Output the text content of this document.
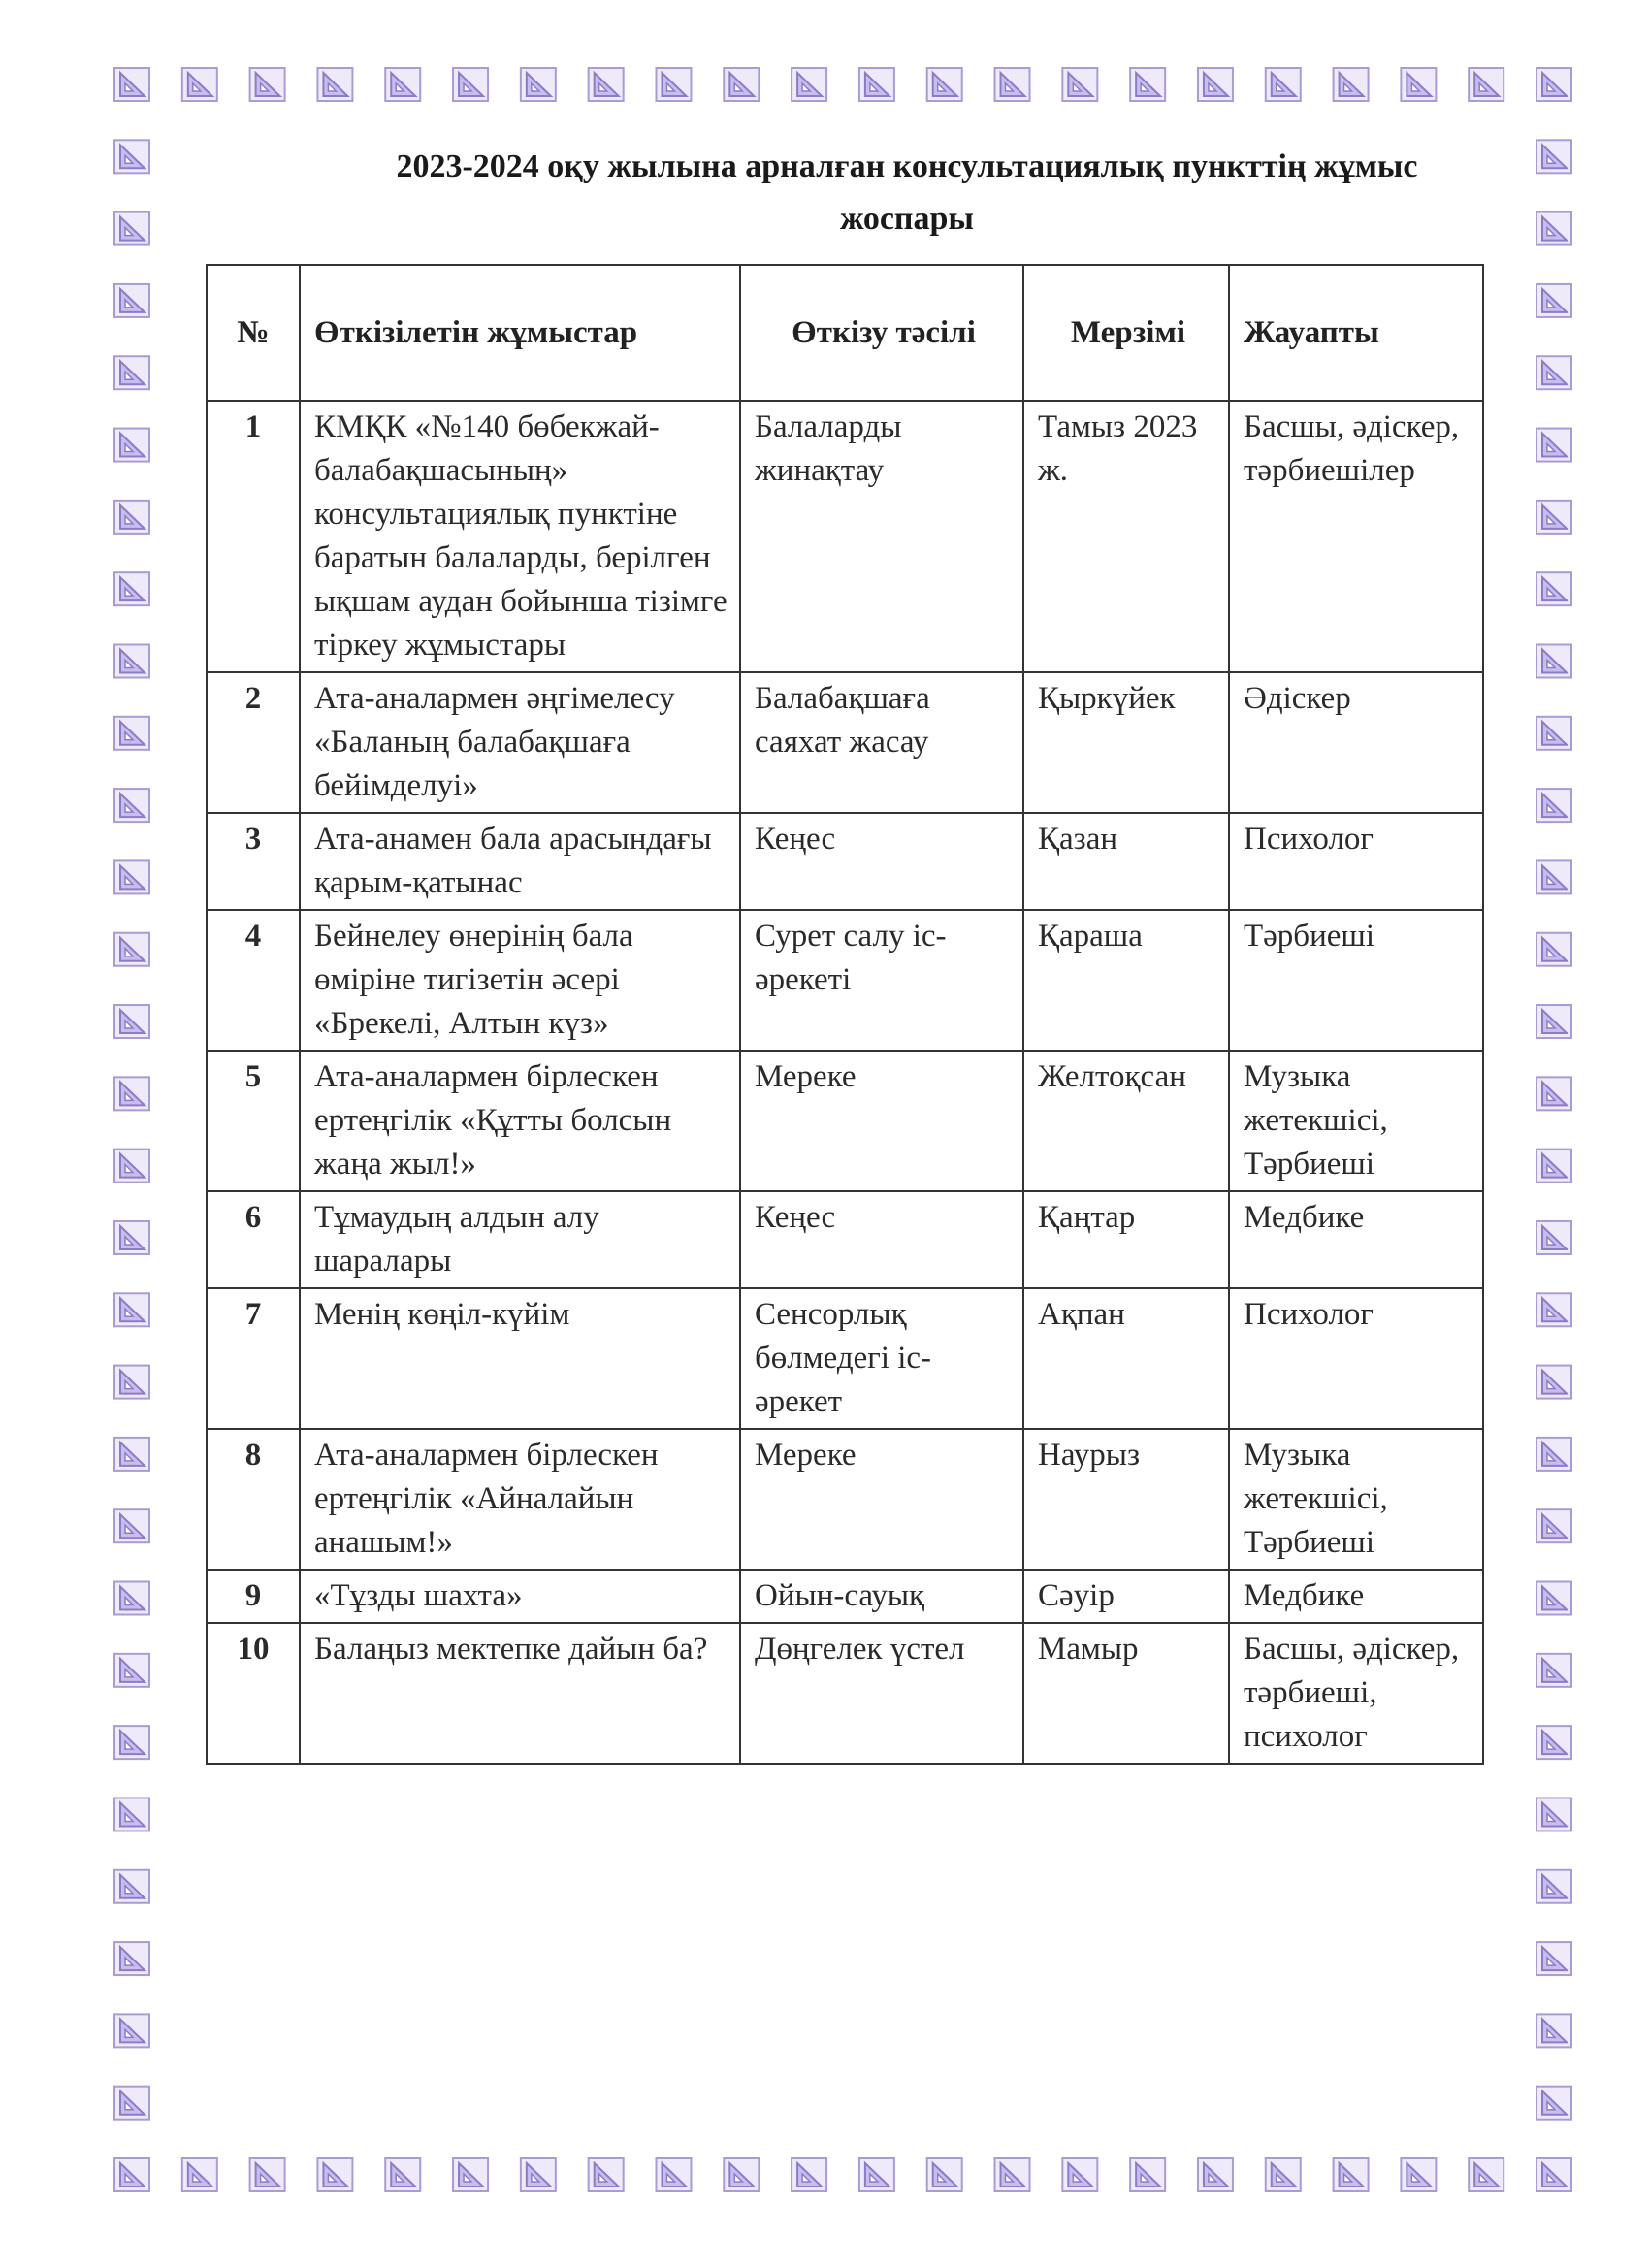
2023-2024 оқу жылына арналған консультациялық пункттің жұмыс
жоспары
№	Өткізілетін жұмыстар	Өткізу тәсілі	Мерзімі	Жауапты
1	КМҚК «№140 бөбекжай-балабақшасының» консультациялық пунктіне баратын балаларды, берілген ықшам аудан бойынша тізімге тіркеу жұмыстары	Балаларды жинақтау	Тамыз 2023 ж.	Басшы, әдіскер, тәрбиешілер
2	Ата-аналармен әңгімелесу «Баланың балабақшаға бейімделуі»	Балабақшаға саяхат жасау	Қыркүйек	Әдіскер
3	Ата-анамен бала арасындағы қарым-қатынас	Кеңес	Қазан	Психолог
4	Бейнелеу өнерінің бала өміріне тигізетін әсері «Брекелі, Алтын күз»	Сурет салу іс-әрекеті	Қараша	Тәрбиеші
5	Ата-аналармен бірлескен ертеңгілік «Құтты болсын жаңа жыл!»	Мереке	Желтоқсан	Музыка жетекшісі, Тәрбиеші
6	Тұмаудың алдын алу шаралары	Кеңес	Қаңтар	Медбике
7	Менің көңіл-күйім	Сенсорлық бөлмедегі іс-әрекет	Ақпан	Психолог
8	Ата-аналармен бірлескен ертеңгілік «Айналайын анашым!»	Мереке	Наурыз	Музыка жетекшісі, Тәрбиеші
9	«Тұзды шахта»	Ойын-сауық	Сәуір	Медбике
10	Балаңыз мектепке дайын ба?	Дөңгелек үстел	Мамыр	Басшы, әдіскер, тәрбиеші, психолог
